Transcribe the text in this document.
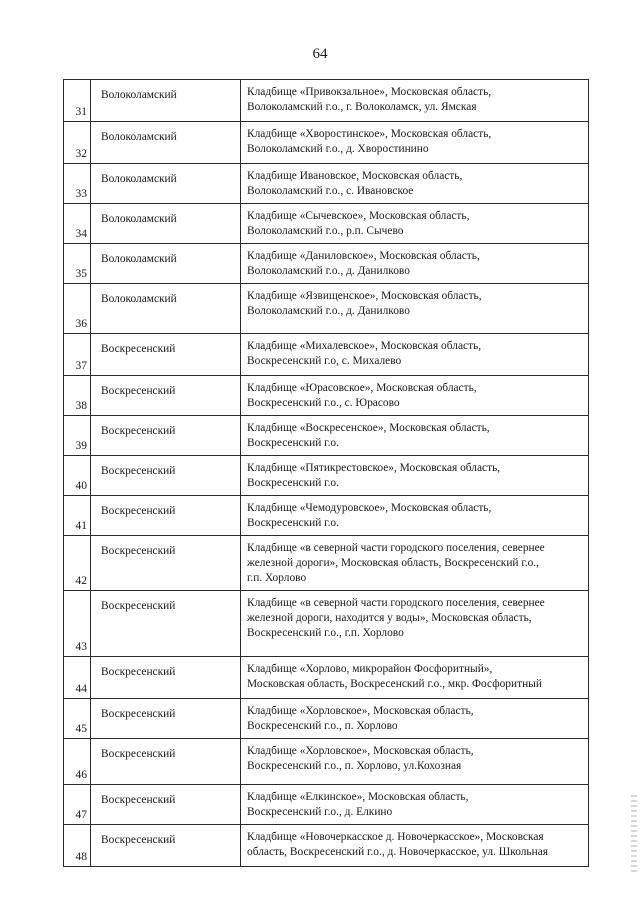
64
31	Волоколамский	Кладбище «Привокзальное», Московская область,
Волоколамский г.о., г. Волоколамск, ул. Ямская

32	Волоколамский	Кладбище «Хворостинское», Московская область,
Волоколамский г.о., д. Хворостинино

33	Волоколамский	Кладбище Ивановское, Московская область,
Волоколамский г.о., с. Ивановское

34	Волоколамский	Кладбище «Сычевское», Московская область,
Волоколамский г.о., р.п. Сычево

35	Волоколамский	Кладбище «Даниловское», Московская область,
Волоколамский г.о., д. Данилково

36	Волоколамский	Кладбище «Язвищенское», Московская область,
Волоколамский г.о., д. Данилково

37	Воскресенский	Кладбище «Михалевское», Московская область,
Воскресенский г.о, с. Михалево

38	Воскресенский	Кладбище «Юрасовское», Московская область,
Воскресенский г.о., с. Юрасово

39	Воскресенский	Кладбище «Воскресенское», Московская область,
Воскресенский г.о.

40	Воскресенский	Кладбище «Пятикрестовское», Московская область,
Воскресенский г.о.

41	Воскресенский	Кладбище «Чемодуровское», Московская область,
Воскресенский г.о.

42	Воскресенский	Кладбище «в северной части городского поселения, севернее
железной дороги», Московская область, Воскресенский г.о.,
г.п. Хорлово

43	Воскресенский	Кладбище «в северной части городского поселения, севернее
железной дороги, находится у воды», Московская область,
Воскресенский г.о., г.п. Хорлово

44	Воскресенский	Кладбище «Хорлово, микрорайон Фосфоритный»,
Московская область, Воскресенский г.о., мкр. Фосфоритный

45	Воскресенский	Кладбище «Хорловское», Московская область,
Воскресенский г.о., п. Хорлово

46	Воскресенский	Кладбище «Хорловское», Московская область,
Воскресенский г.о., п. Хорлово, ул.Кохозная

47	Воскресенский	Кладбище «Елкинское», Московская область,
Воскресенский г.о., д. Елкино

48	Воскресенский	Кладбище «Новочеркасское д. Новочеркасское», Московская
область, Воскресенский г.о., д. Новочеркасское, ул. Школьная
